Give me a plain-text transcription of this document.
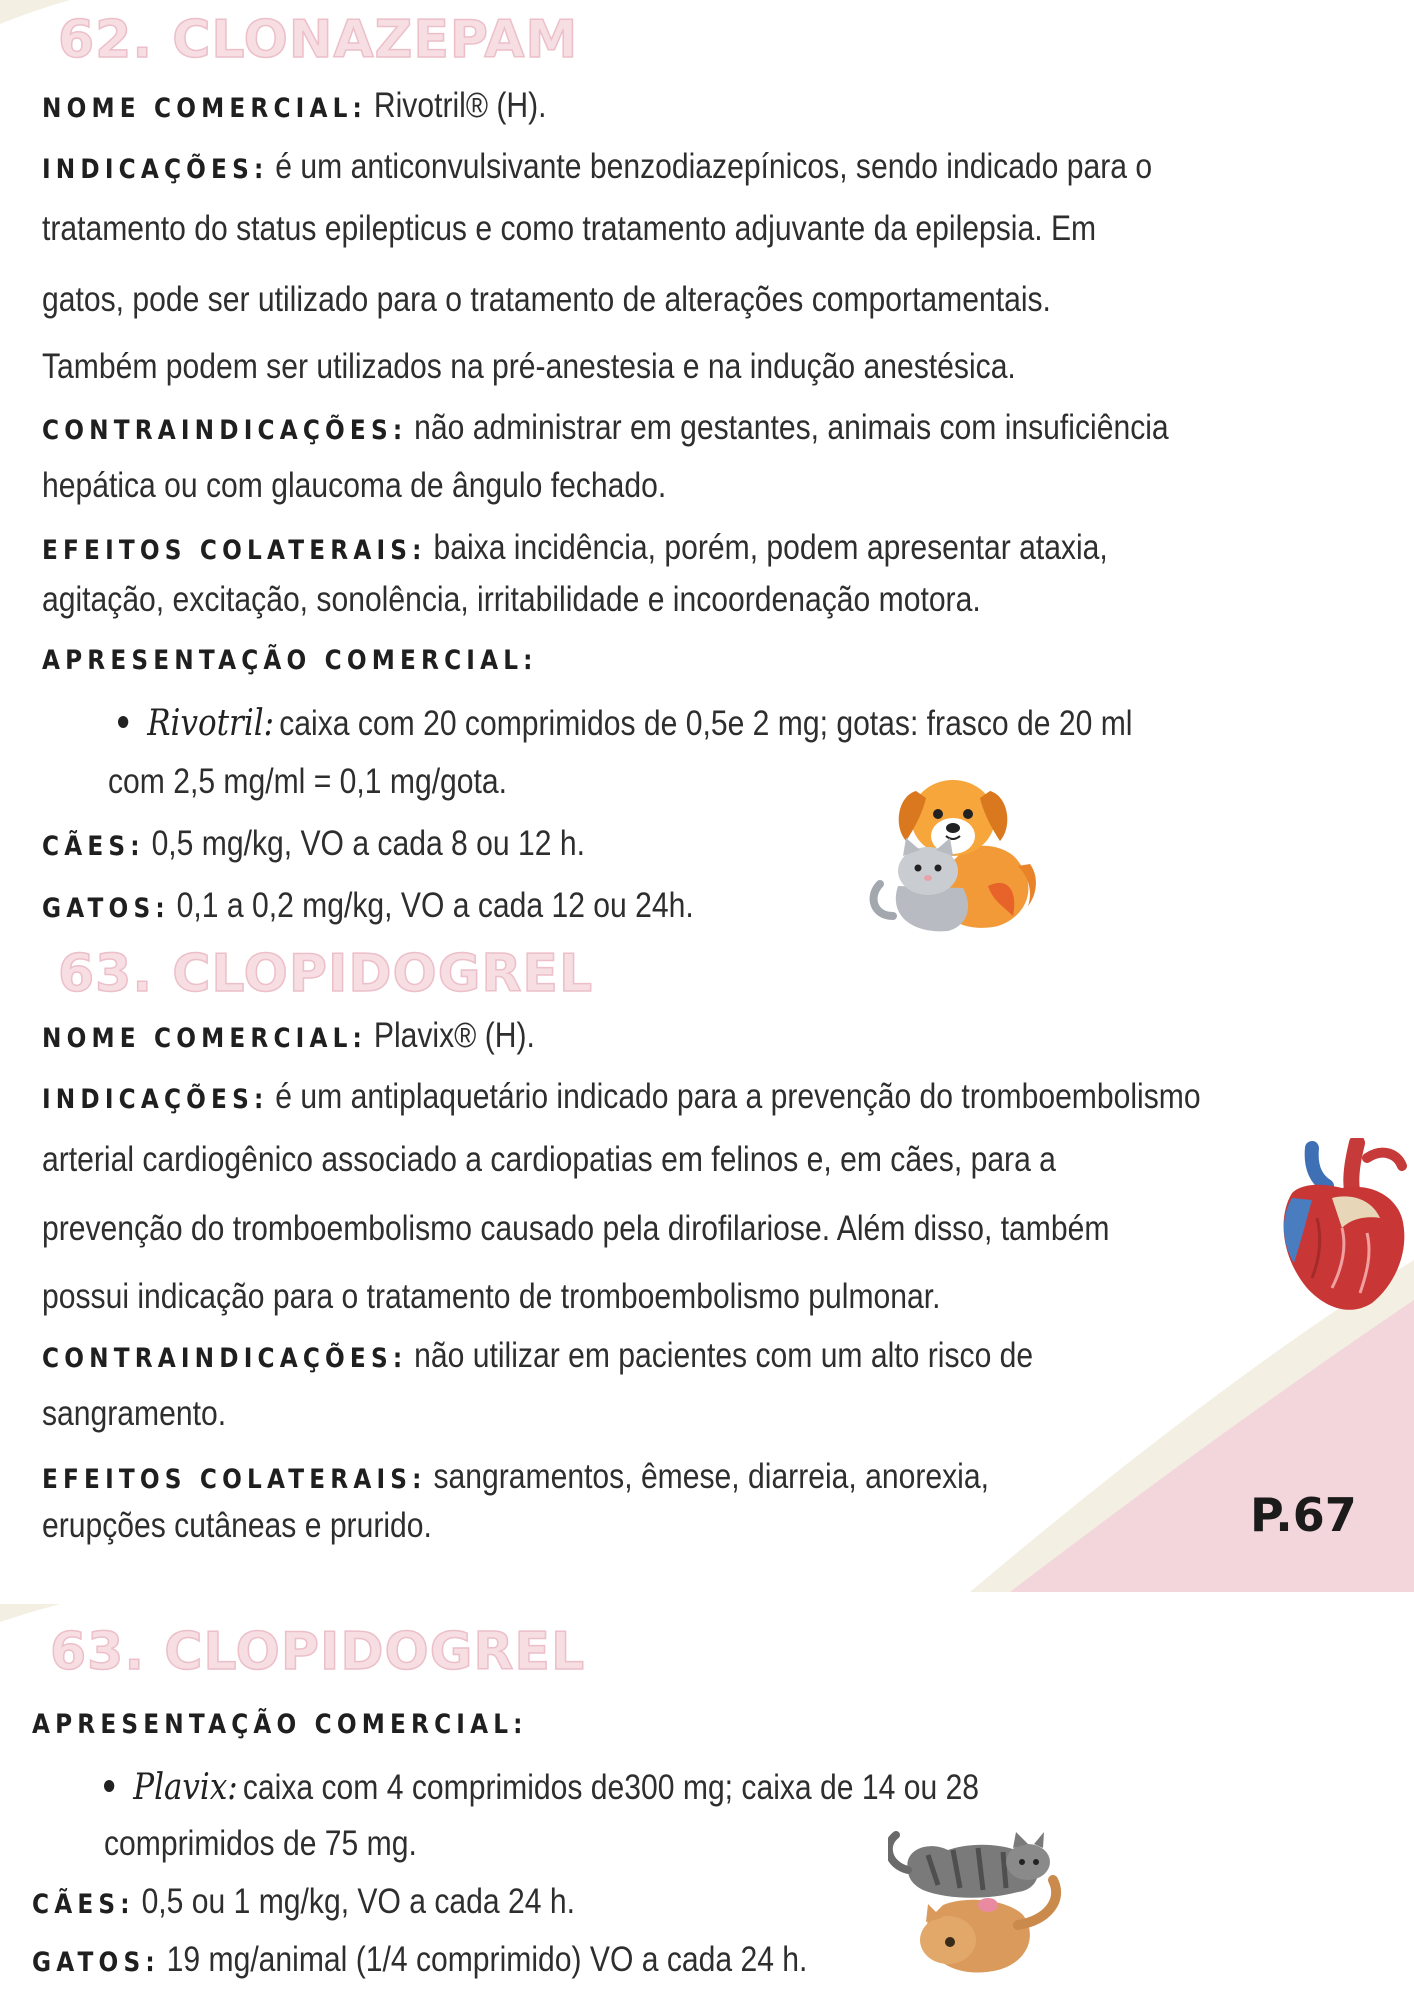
62. CLONAZEPAM

NOME COMERCIAL: Rivotril® (H).

INDICAÇÕES: é um anticonvulsivante benzodiazepínicos, sendo indicado para o

tratamento do status epilepticus e como tratamento adjuvante da epilepsia. Em

gatos, pode ser utilizado para o tratamento de alterações comportamentais.

Também podem ser utilizados na pré-anestesia e na indução anestésica.

CONTRAINDICAÇÕES: não administrar em gestantes, animais com insuficiência

hepática ou com glaucoma de ângulo fechado.

EFEITOS COLATERAIS: baixa incidência, porém, podem apresentar ataxia,

agitação, excitação, sonolência, irritabilidade e incoordenação motora.

APRESENTAÇÃO COMERCIAL:

Rivotril: caixa com 20 comprimidos de 0,5e 2 mg; gotas: frasco de 20 ml

com 2,5 mg/ml = 0,1 mg/gota.

CÃES: 0,5 mg/kg, VO a cada 8 ou 12 h.

GATOS: 0,1 a 0,2 mg/kg, VO a cada 12 ou 24h.

63. CLOPIDOGREL

NOME COMERCIAL: Plavix® (H).

INDICAÇÕES: é um antiplaquetário indicado para a prevenção do tromboembolismo

arterial cardiogênico associado a cardiopatias em felinos e, em cães, para a

prevenção do tromboembolismo causado pela dirofilariose. Além disso, também

possui indicação para o tratamento de tromboembolismo pulmonar.

CONTRAINDICAÇÕES: não utilizar em pacientes com um alto risco de

sangramento.

EFEITOS COLATERAIS: sangramentos, êmese, diarreia, anorexia,

erupções cutâneas e prurido.	P.67
63. CLOPIDOGREL

APRESENTAÇÃO COMERCIAL:

Plavix: caixa com 4 comprimidos de300 mg; caixa de 14 ou 28

comprimidos de 75 mg.

CÃES: 0,5 ou 1 mg/kg, VO a cada 24 h.

GATOS: 19 mg/animal (1/4 comprimido) VO a cada 24 h.
